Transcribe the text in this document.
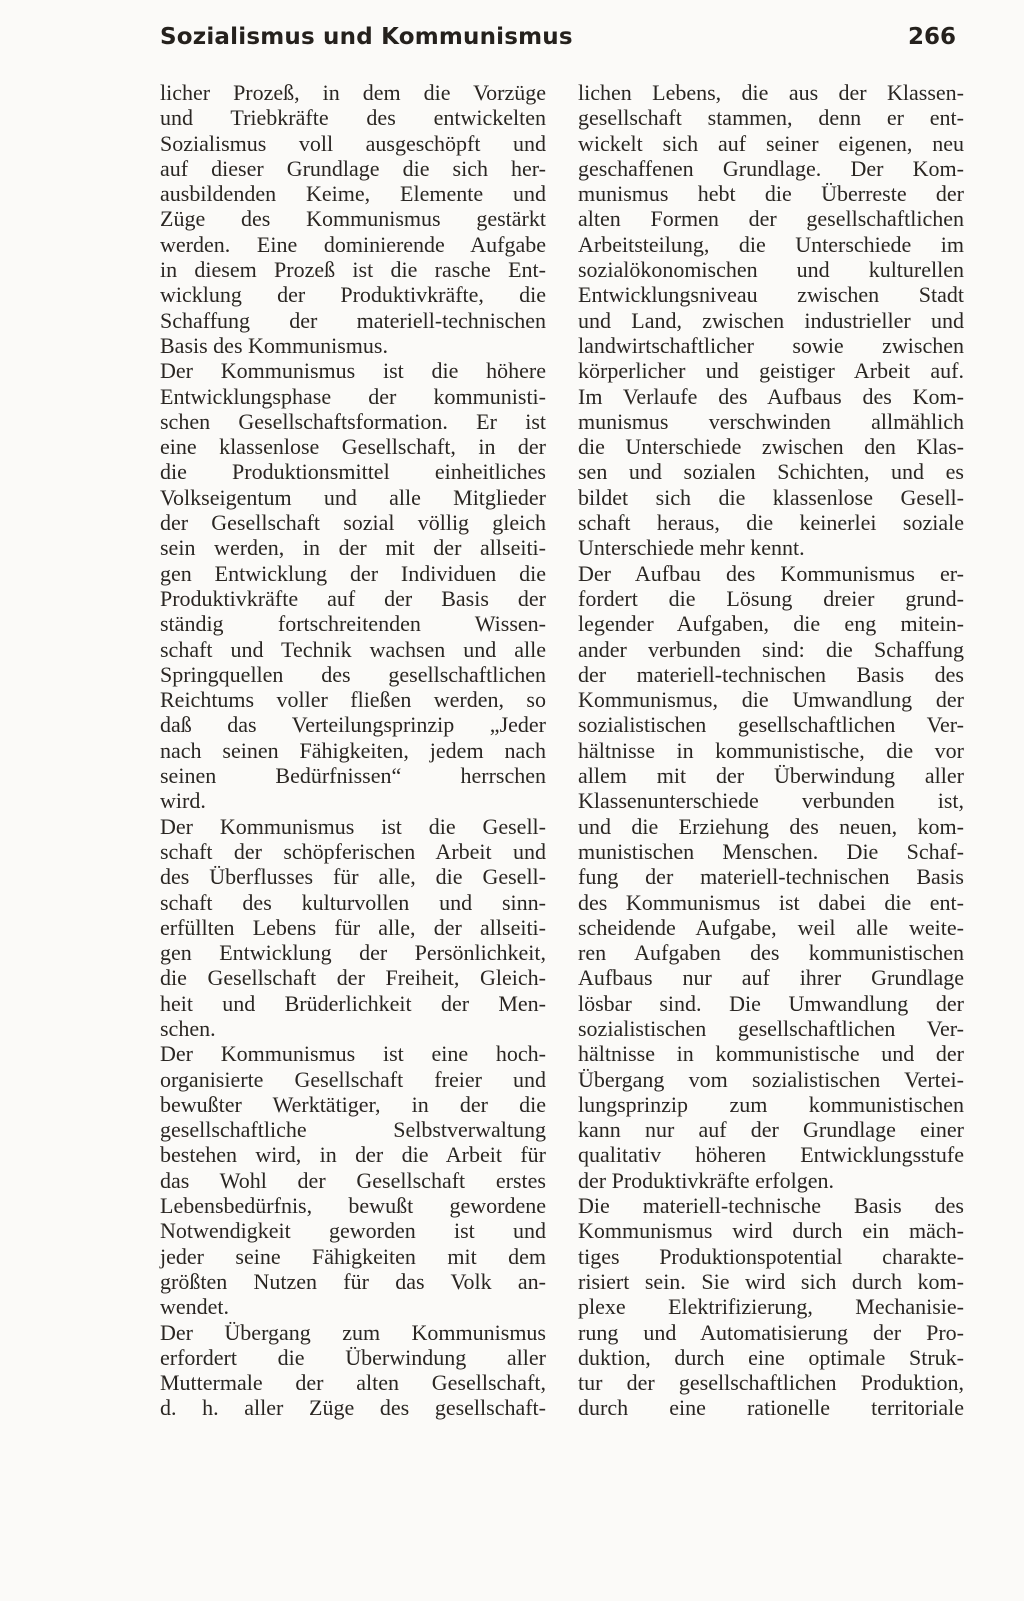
Sozialismus und Kommunismus	266
licher Prozeß, in dem die Vorzüge
und Triebkräfte des entwickelten
Sozialismus voll ausgeschöpft und
auf dieser Grundlage die sich her-
ausbildenden Keime, Elemente und
Züge des Kommunismus gestärkt
werden. Eine dominierende Aufgabe
in diesem Prozeß ist die rasche Ent-
wicklung der Produktivkräfte, die
Schaffung der materiell-technischen
Basis des Kommunismus.
Der Kommunismus ist die höhere
Entwicklungsphase der kommunisti-
schen Gesellschaftsformation. Er ist
eine klassenlose Gesellschaft, in der
die Produktionsmittel einheitliches
Volkseigentum und alle Mitglieder
der Gesellschaft sozial völlig gleich
sein werden, in der mit der allseiti-
gen Entwicklung der Individuen die
Produktivkräfte auf der Basis der
ständig fortschreitenden Wissen-
schaft und Technik wachsen und alle
Springquellen des gesellschaftlichen
Reichtums voller fließen werden, so
daß das Verteilungsprinzip „Jeder
nach seinen Fähigkeiten, jedem nach
seinen Bedürfnissen“ herrschen
wird.
Der Kommunismus ist die Gesell-
schaft der schöpferischen Arbeit und
des Überflusses für alle, die Gesell-
schaft des kulturvollen und sinn-
erfüllten Lebens für alle, der allseiti-
gen Entwicklung der Persönlichkeit,
die Gesellschaft der Freiheit, Gleich-
heit und Brüderlichkeit der Men-
schen.
Der Kommunismus ist eine hoch-
organisierte Gesellschaft freier und
bewußter Werktätiger, in der die
gesellschaftliche Selbstverwaltung
bestehen wird, in der die Arbeit für
das Wohl der Gesellschaft erstes
Lebensbedürfnis, bewußt gewordene
Notwendigkeit geworden ist und
jeder seine Fähigkeiten mit dem
größten Nutzen für das Volk an-
wendet.
Der Übergang zum Kommunismus
erfordert die Überwindung aller
Muttermale der alten Gesellschaft,
d. h. aller Züge des gesellschaft-
lichen Lebens, die aus der Klassen-
gesellschaft stammen, denn er ent-
wickelt sich auf seiner eigenen, neu
geschaffenen Grundlage. Der Kom-
munismus hebt die Überreste der
alten Formen der gesellschaftlichen
Arbeitsteilung, die Unterschiede im
sozialökonomischen und kulturellen
Entwicklungsniveau zwischen Stadt
und Land, zwischen industrieller und
landwirtschaftlicher sowie zwischen
körperlicher und geistiger Arbeit auf.
Im Verlaufe des Aufbaus des Kom-
munismus verschwinden allmählich
die Unterschiede zwischen den Klas-
sen und sozialen Schichten, und es
bildet sich die klassenlose Gesell-
schaft heraus, die keinerlei soziale
Unterschiede mehr kennt.
Der Aufbau des Kommunismus er-
fordert die Lösung dreier grund-
legender Aufgaben, die eng mitein-
ander verbunden sind: die Schaffung
der materiell-technischen Basis des
Kommunismus, die Umwandlung der
sozialistischen gesellschaftlichen Ver-
hältnisse in kommunistische, die vor
allem mit der Überwindung aller
Klassenunterschiede verbunden ist,
und die Erziehung des neuen, kom-
munistischen Menschen. Die Schaf-
fung der materiell-technischen Basis
des Kommunismus ist dabei die ent-
scheidende Aufgabe, weil alle weite-
ren Aufgaben des kommunistischen
Aufbaus nur auf ihrer Grundlage
lösbar sind. Die Umwandlung der
sozialistischen gesellschaftlichen Ver-
hältnisse in kommunistische und der
Übergang vom sozialistischen Vertei-
lungsprinzip zum kommunistischen
kann nur auf der Grundlage einer
qualitativ höheren Entwicklungsstufe
der Produktivkräfte erfolgen.
Die materiell-technische Basis des
Kommunismus wird durch ein mäch-
tiges Produktionspotential charakte-
risiert sein. Sie wird sich durch kom-
plexe Elektrifizierung, Mechanisie-
rung und Automatisierung der Pro-
duktion, durch eine optimale Struk-
tur der gesellschaftlichen Produktion,
durch eine rationelle territoriale
